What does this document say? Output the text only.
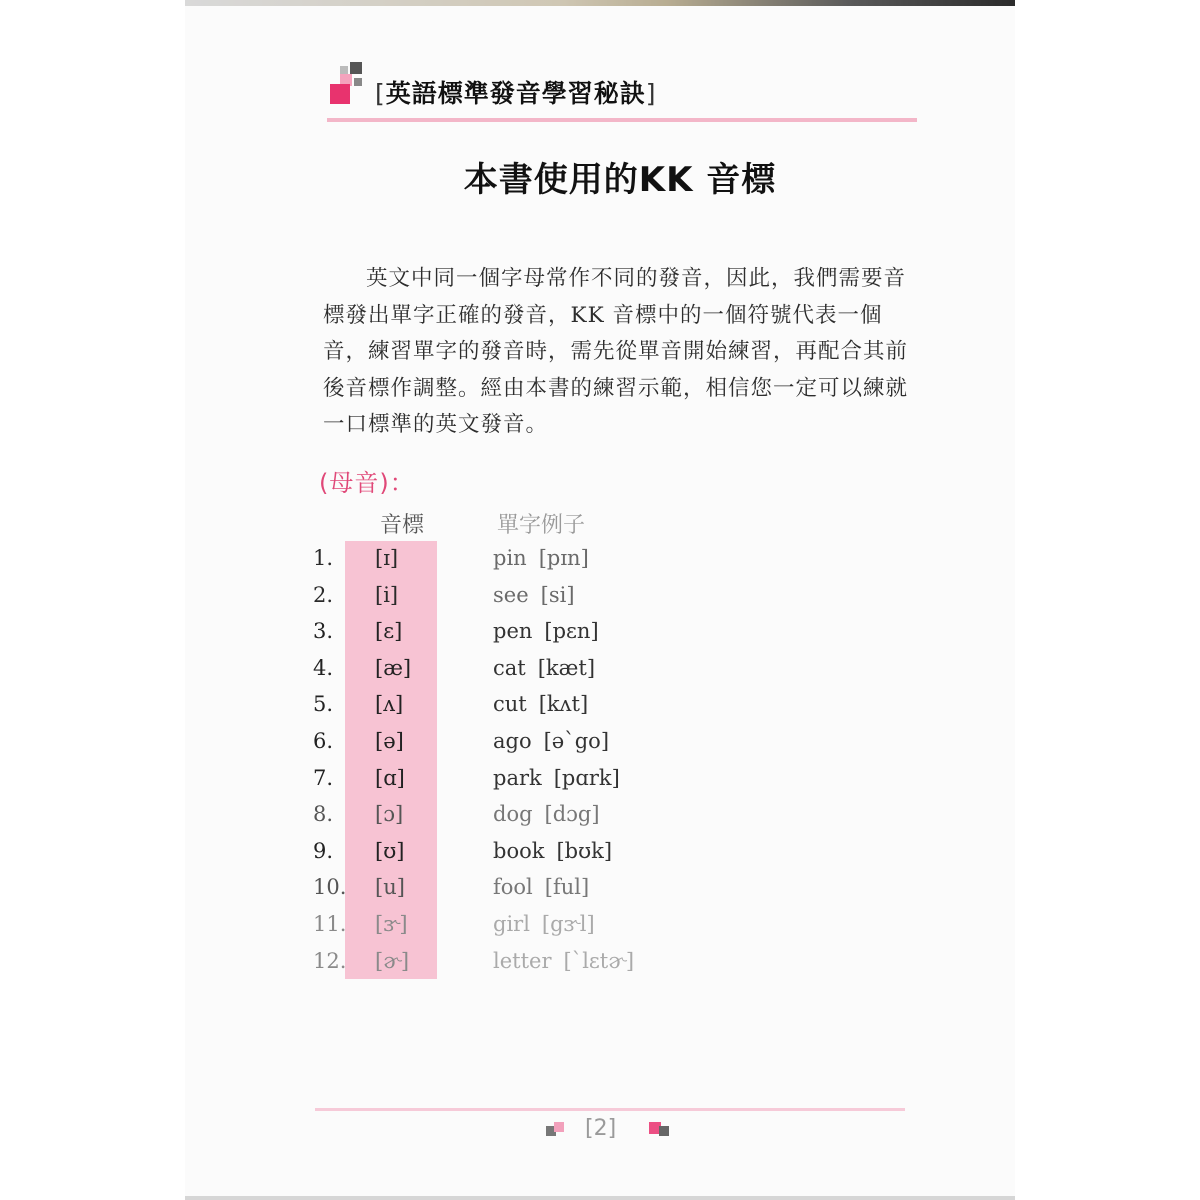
[英語標準發音學習秘訣]
本書使用的KK 音標

英文中同一個字母常作不同的發音，因此，我們需要音標發出單字正確的發音，KK 音標中的一個符號代表一個音，練習單字的發音時，需先從單音開始練習，再配合其前後音標作調整。經由本書的練習示範，相信您一定可以練就一口標準的英文發音。

(母音)：
音標	單字例子
1.	[ɪ]	pin [pɪn]
2.	[i]	see [si]
3.	[ɛ]	pen [pɛn]
4.	[æ]	cat [kæt]
5.	[ʌ]	cut [kʌt]
6.	[ə]	ago [əˋgo]
7.	[ɑ]	park [pɑrk]
8.	[ɔ]	dog [dɔg]
9.	[ʊ]	book [bʊk]
10.	[u]	fool [ful]
11.	[ɝ]	girl [gɝl]
12.	[ɚ]	letter [ˋlɛtɚ]
[2]
